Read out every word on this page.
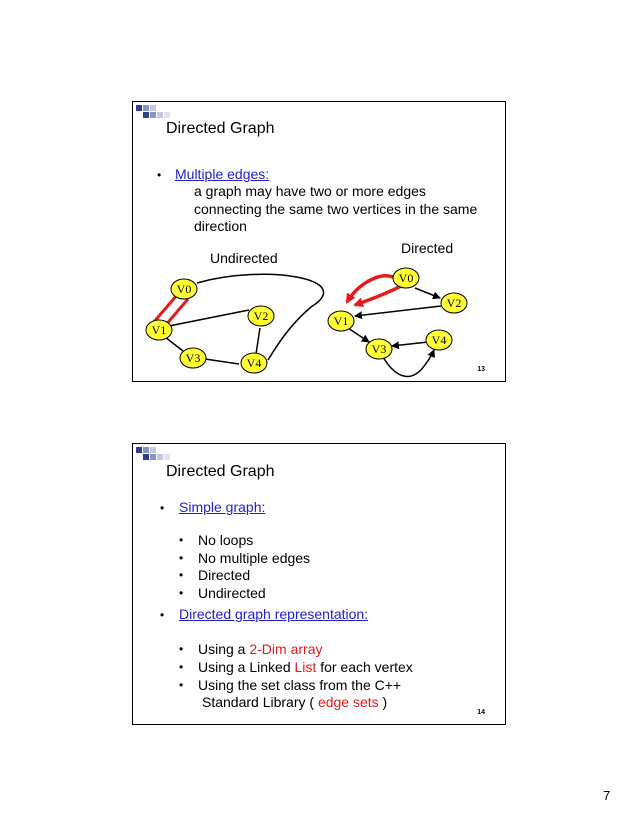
Directed Graph
• Multiple edges:
a graph may have two or more edges
connecting the same two vertices in the same
direction
Undirected
Directed
V0
V1
V2
V3	V4
V0
V1
V2
V3
V4
13
Directed Graph
• Simple graph:
• No loops
• No multiple edges
• Directed
• Undirected
• Directed graph representation:
• Using a 2-Dim array
• Using a Linked List for each vertex
• Using the set class from the C++
Standard Library ( edge sets )
14
7
